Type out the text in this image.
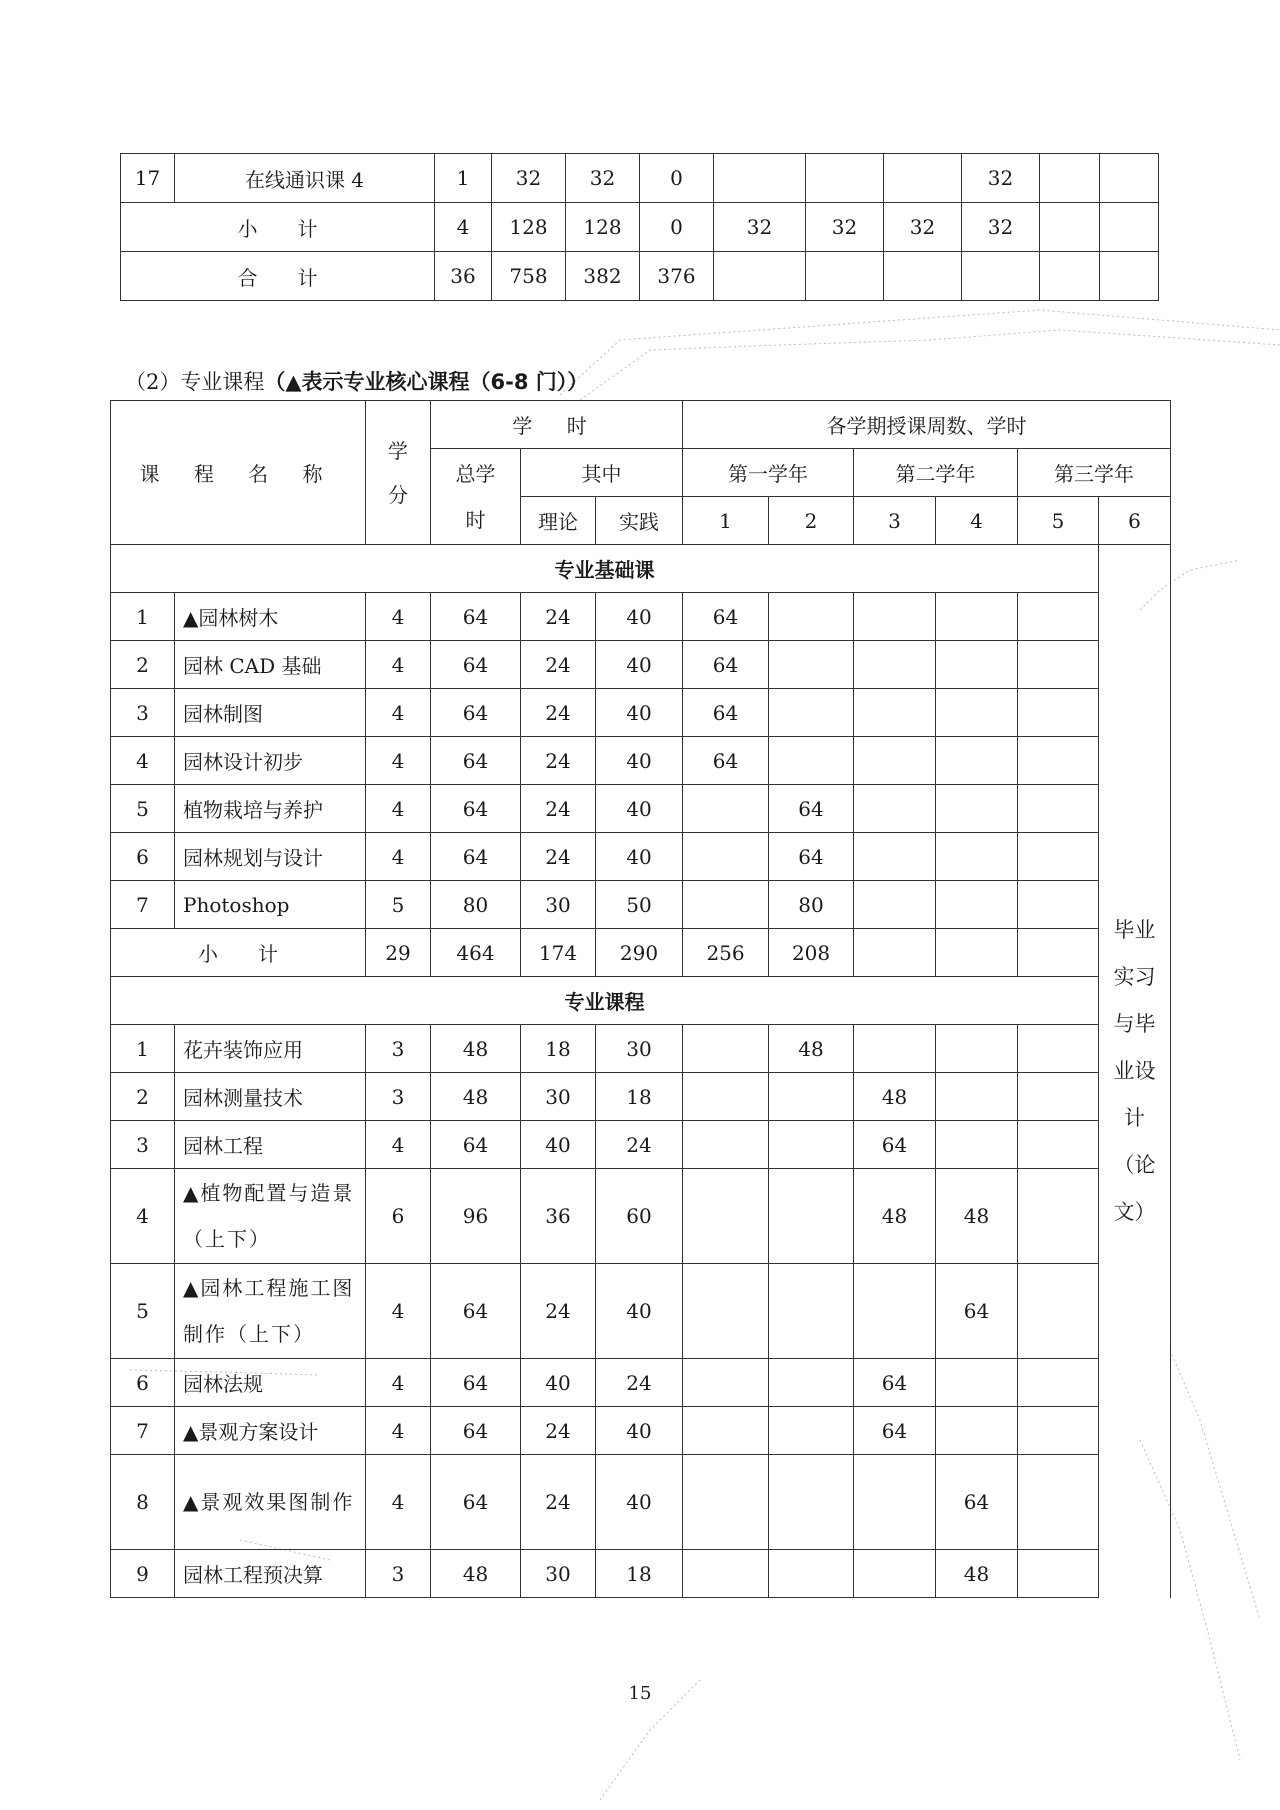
17	在线通识课 4	1	32	32	0				32		
小　　计		4	128	128	0	32	32	32	32		
合　　计		36	758	382	376						
（2）专业课程（▲表示专业核心课程（6-8 门））
课 程 名 称		学分	学 时			各学期授课周数、学时					
			总学时	其中		第一学年		第二学年		第三学年	
				理论	实践	1	2	3	4	5	6
专业基础课											毕业实习与毕业设计（论文）

1	▲园林树木	4	64	24	40	64					
2	园林 CAD 基础	4	64	24	40	64					
3	园林制图	4	64	24	40	64					
4	园林设计初步	4	64	24	40	64					
5	植物栽培与养护	4	64	24	40		64				
6	园林规划与设计	4	64	24	40		64				
7	Photoshop	5	80	30	50		80				
小　　计		29	464	174	290	256	208				
专业课程											
1	花卉装饰应用	3	48	18	30		48				
2	园林测量技术	3	48	30	18			48			
3	园林工程	4	64	40	24			64			
4	▲植物配置与造景（上下）	6	96	36	60			48	48		
5	▲园林工程施工图制作（上下）	4	64	24	40				64		
6	园林法规	4	64	40	24			64			
7	▲景观方案设计	4	64	24	40			64			
8	▲景观效果图制作	4	64	24	40				64		
9	园林工程预决算	3	48	30	18				48		
15
